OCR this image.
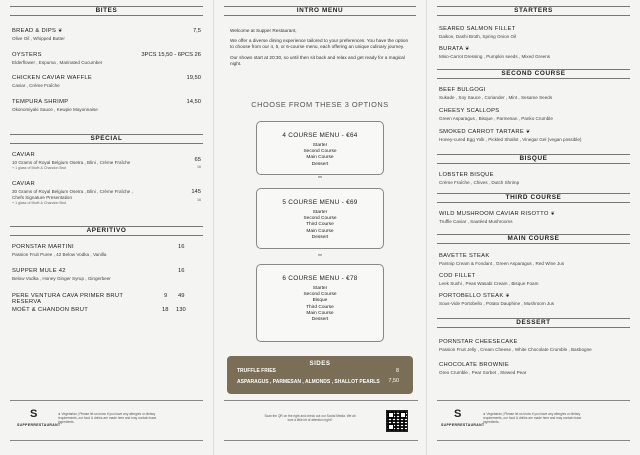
BITES
BREAD & DIPS ❦
Olive Oil , Whipped Butter
7,5
OYSTERS
Elderflower , Espuma , Marinated Cucumber
3PCS 15,50 - 6PCS 26
CHICKEN CAVIAR WAFFLE
Caviar , Crème Fraîche
19,50
TEMPURA SHRIMP
Okonomiyaki Sauce , Kewpie Mayonnaise
14,50
SPECIAL
CAVIAR
10 Grams of Royal Belgium Osetra , Blini , Crème Fraîche
+ 1 glass of Moët & Chandon Brut
65
16
CAVIAR
30 Grams of Royal Belgium Osetra , Blini , Crème Fraîche ,
Chefs Signature Presentation
+ 1 glass of Moët & Chandon Brut
145
16
APERITIVO
PORNSTAR MARTINI
Passion Fruit Puree , 42 Below Vodka , Vanilla
16
SUPPER MULE 42
Below Vodka , Honey Ginger Syrup , Gingerbeer
16
PERE VENTURA CAVA PRIMER BRUT RESERVA
9 49
MOËT & CHANDON BRUT	18 130
S
SUPPERRESTAURANT
❦ Vegetarian | Please let us know if you have any allergies or dietary requirements, our food & drinks are made here and may contain trace ingredients.
INTRO MENU
Welcome at Supper Restaurant,
We offer a diverse dining experience tailored to your preferences. You have the option to choose from our 4, 5, or 6-course menu, each offering an unique culinary journey.
Our shows start at 20:30, so until then sit back and relax and get ready for a magical night.
CHOOSE FROM THESE 3 OPTIONS
4 COURSE MENU - €64
Starter
Second Course
Main Course
Dessert
**
5 COURSE MENU - €69
Starter
Second Course
Third Course
Main Course
Dessert
**
6 COURSE MENU - €78
Starter
Second Course
Bisque
Third Course
Main Course
Dessert
SIDES
TRUFFLE FRIES	8
ASPARAGUS , PARMESAN , ALMONDS , SHALLOT PEARLS 7,50
Scan the QR on the right and check out our Social Media. We all love a little bit of attention right?
STARTERS
SEARED SALMON FILLET
Daikon, Dashi Broth, Spring Onion Oil
BURATA ❦
Miso-Carrot Dressing , Pumpkin seeds , Mixed Greens
SECOND COURSE
BEEF BULGOGI
Sukade , Soy Sauce , Coriander , Mint , Sesame Seeds
CHEESY SCALLOPS
Green Asparagus , Bisque , Parmesan , Panko Crumble
SMOKED CARROT TARTARE ❦
Honey-cured Egg Yolk , Pickled Shallot , Vinegar Gel (vegan possible)
BISQUE
LOBSTER BISQUE
Crème Fraîche , Chives , Dutch Shrimp
THIRD COURSE
WILD MUSHROOM CAVIAR RISOTTO ❦
Truffle Caviar , Sautéed Mushrooms
MAIN COURSE
BAVETTE STEAK
Parsnip Cream & Fondant , Green Asparagus , Red Wine Jus
COD FILLET
Leek Sushi , Peas Wasabi Cream , Bisque Foam
PORTOBELLO STEAK ❦
Sous-Vide Portobello , Potato Dauphine , Mushroom Jus
DESSERT
PORNSTAR CHEESECAKE
Passion Fruit Jelly , Cream Cheese , White Chocolate Crumble , Basbogne
CHOCOLATE BROWNIE
Oreo Crumble , Pear Sorbet , Stewed Pear
S
SUPPERRESTAURANT
❦ Vegetarian | Please let us know if you have any allergies or dietary requirements, our food & drinks are made here and may contain trace ingredients.
